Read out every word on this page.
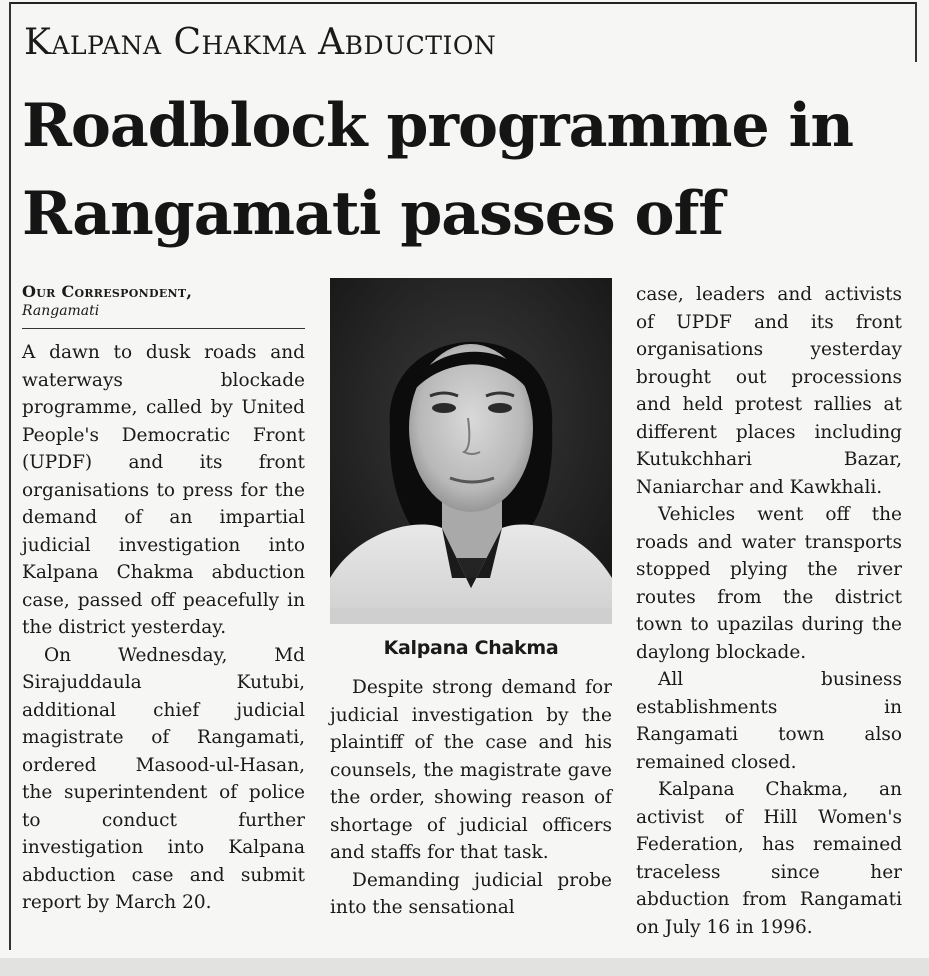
Kalpana Chakma Abduction
Roadblock programme in Rangamati passes off
Our Correspondent,
Rangamati

A dawn to dusk roads and waterways blockade programme, called by United People's Democratic Front (UPDF) and its front organisations to press for the demand of an impartial judicial investigation into Kalpana Chakma abduction case, passed off peacefully in the district yesterday.

On Wednesday, Md Sirajuddaula Kutubi, additional chief judicial magistrate of Rangamati, ordered Masood-ul-Hasan, the superintendent of police to conduct further investigation into Kalpana abduction case and submit report by March 20.

Kalpana Chakma

Despite strong demand for judicial investigation by the plaintiff of the case and his counsels, the magistrate gave the order, showing reason of shortage of judicial officers and staffs for that task.

Demanding judicial probe into the sensational

case, leaders and activists of UPDF and its front organisations yesterday brought out processions and held protest rallies at different places including Kutukchhari Bazar, Naniarchar and Kawkhali.

Vehicles went off the roads and water transports stopped plying the river routes from the district town to upazilas during the daylong blockade.

All business establishments in Rangamati town also remained closed.

Kalpana Chakma, an activist of Hill Women's Federation, has remained traceless since her abduction from Rangamati on July 16 in 1996.
